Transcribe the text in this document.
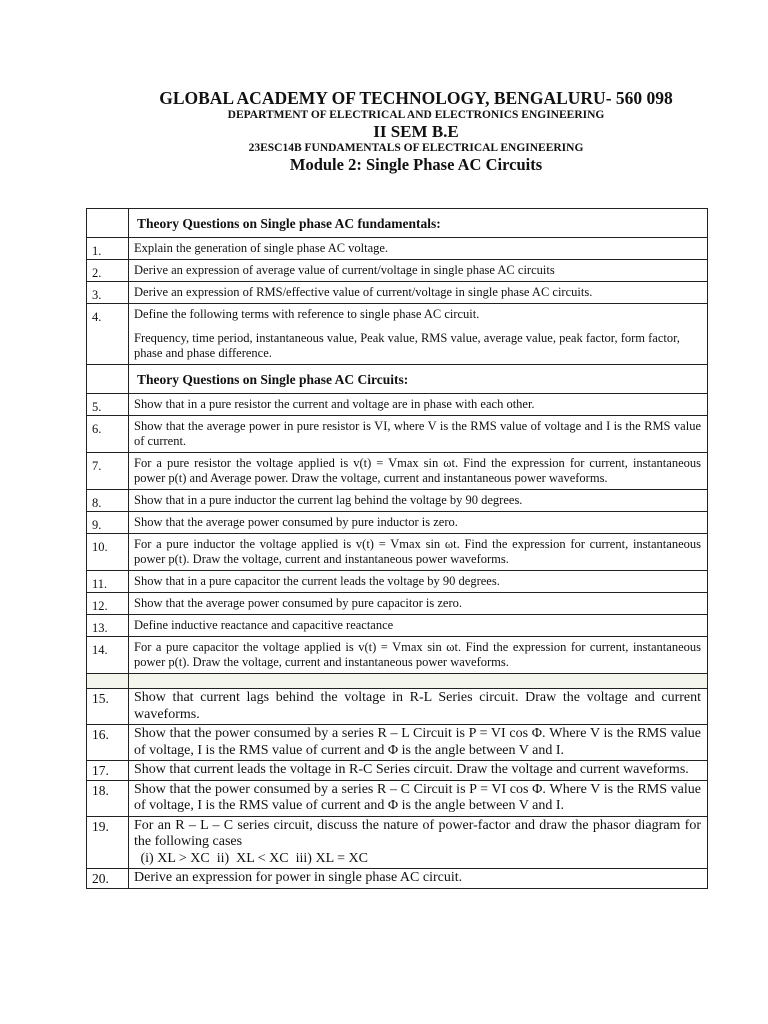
GLOBAL ACADEMY OF TECHNOLOGY, BENGALURU- 560 098
DEPARTMENT OF ELECTRICAL AND ELECTRONICS ENGINEERING
II SEM B.E
23ESC14B FUNDAMENTALS OF ELECTRICAL ENGINEERING
Module 2: Single Phase AC Circuits
	Theory Questions on Single phase AC fundamentals:
1.	Explain the generation of single phase AC voltage.
2.	Derive an expression of average value of current/voltage in single phase AC circuits
3.	Derive an expression of RMS/effective value of current/voltage in single phase AC circuits.
4.	Define the following terms with reference to single phase AC circuit.
Frequency, time period, instantaneous value, Peak value, RMS value, average value, peak factor, form factor, phase and phase difference.

	Theory Questions on Single phase AC Circuits:
5.	Show that in a pure resistor the current and voltage are in phase with each other.
6.	Show that the average power in pure resistor is VI, where V is the RMS value of voltage and I is the RMS value of current.
7.	For a pure resistor the voltage applied is v(t) = Vmax sin ωt. Find the expression for current, instantaneous power p(t) and Average power. Draw the voltage, current and instantaneous power waveforms.
8.	Show that in a pure inductor the current lag behind the voltage by 90 degrees.
9.	Show that the average power consumed by pure inductor is zero.
10.	For a pure inductor the voltage applied is v(t) = Vmax sin ωt. Find the expression for current, instantaneous power p(t). Draw the voltage, current and instantaneous power waveforms.
11.	Show that in a pure capacitor the current leads the voltage by 90 degrees.
12.	Show that the average power consumed by pure capacitor is zero.
13.	Define inductive reactance and capacitive reactance
14.	For a pure capacitor the voltage applied is v(t) = Vmax sin ωt. Find the expression for current, instantaneous power p(t). Draw the voltage, current and instantaneous power waveforms.

15.	Show that current lags behind the voltage in R-L Series circuit. Draw the voltage and current waveforms.
16.	Show that the power consumed by a series R – L Circuit is P = VI cos Φ. Where V is the RMS value of voltage, I is the RMS value of current and Φ is the angle between V and I.
17.	Show that current leads the voltage in R-C Series circuit. Draw the voltage and current waveforms.
18.	Show that the power consumed by a series R – C Circuit is P = VI cos Φ. Where V is the RMS value of voltage, I is the RMS value of current and Φ is the angle between V and I.
19.	For an R – L – C series circuit, discuss the nature of power-factor and draw the phasor diagram for the following cases
(i) XL > XC  ii)  XL < XC  iii) XL = XC

20.	Derive an expression for power in single phase AC circuit.
